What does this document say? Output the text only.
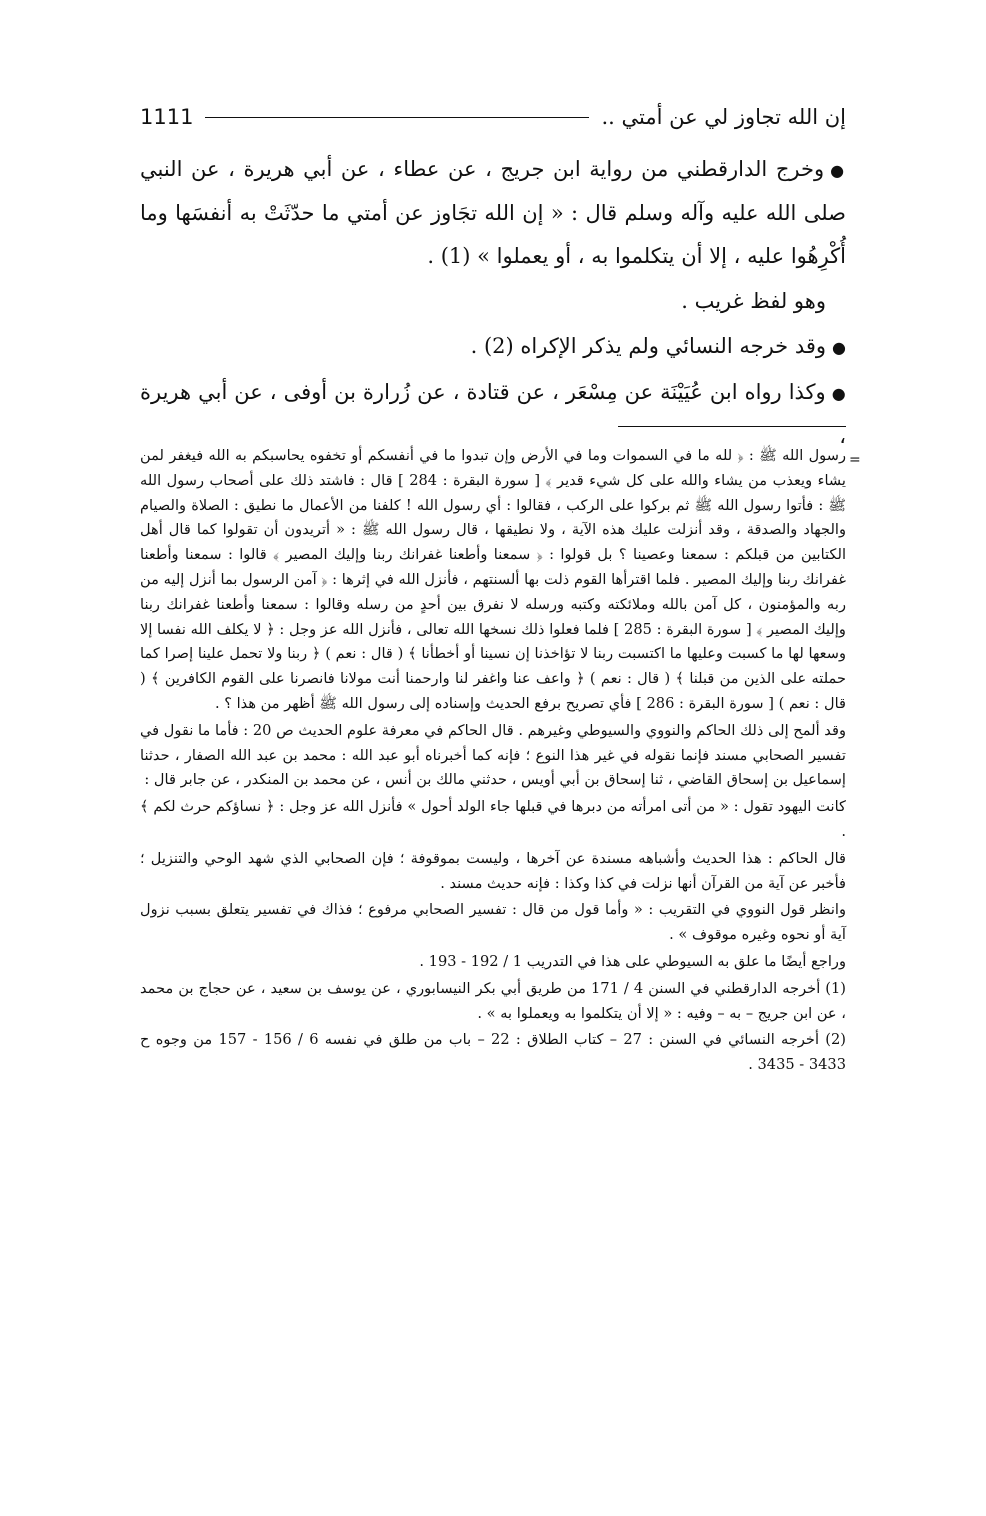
1111	إن الله تجاوز لي عن أمتي ..

●وخرج الدارقطني من رواية ابن جريج ، عن عطاء ، عن أبي هريرة ، عن النبي صلى الله عليه وآله وسلم قال : « إن الله تجَاوز عن أمتي ما حدّثَتْ به أنفسَها وما أُكْرِهُوا عليه ، إلا أن يتكلموا به ، أو يعملوا » (1) .

وهو لفظ غريب .

●وقد خرجه النسائي ولم يذكر الإكراه (2) .

●وكذا رواه ابن عُيَيْنَة عن مِسْعَر ، عن قتادة ، عن زُرارة بن أوفى ، عن أبي هريرة ،

=

رسول الله ﷺ : ﴿ لله ما في السموات وما في الأرض وإن تبدوا ما في أنفسكم أو تخفوه يحاسبكم به الله فيغفر لمن يشاء ويعذب من يشاء والله على كل شيء قدير ﴾ [ سورة البقرة : 284 ] قال : فاشتد ذلك على أصحاب رسول الله ﷺ : فأتوا رسول الله ﷺ ثم بركوا على الركب ، فقالوا : أي رسول الله ! كلفنا من الأعمال ما نطيق : الصلاة والصيام والجهاد والصدقة ، وقد أنزلت عليك هذه الآية ، ولا نطيقها ، قال رسول الله ﷺ : « أتريدون أن تقولوا كما قال أهل الكتابين من قبلكم : سمعنا وعصينا ؟ بل قولوا : ﴿ سمعنا وأطعنا غفرانك ربنا وإليك المصير ﴾ قالوا : سمعنا وأطعنا غفرانك ربنا وإليك المصير . فلما اقترأها القوم ذلت بها ألسنتهم ، فأنزل الله في إثرها : ﴿ آمن الرسول بما أنزل إليه من ربه والمؤمنون ، كل آمن بالله وملائكته وكتبه ورسله لا نفرق بين أحدٍ من رسله وقالوا : سمعنا وأطعنا غفرانك ربنا وإليك المصير ﴾ [ سورة البقرة : 285 ] فلما فعلوا ذلك نسخها الله تعالى ، فأنزل الله عز وجل : ﴿ لا يكلف الله نفسا إلا وسعها لها ما كسبت وعليها ما اكتسبت ربنا لا تؤاخذنا إن نسينا أو أخطأنا ﴾ ( قال : نعم ) ﴿ ربنا ولا تحمل علينا إصرا كما حملته على الذين من قبلنا ﴾ ( قال : نعم ) ﴿ واعف عنا واغفر لنا وارحمنا أنت مولانا فانصرنا على القوم الكافرين ﴾ ( قال : نعم ) [ سورة البقرة : 286 ] فأي تصريح برفع الحديث وإسناده إلى رسول الله ﷺ أظهر من هذا ؟ .

وقد ألمح إلى ذلك الحاكم والنووي والسيوطي وغيرهم . قال الحاكم في معرفة علوم الحديث ص 20 : فأما ما نقول في تفسير الصحابي مسند فإنما نقوله في غير هذا النوع ؛ فإنه كما أخبرناه أبو عبد الله : محمد بن عبد الله الصفار ، حدثنا إسماعيل بن إسحاق القاضي ، ثنا إسحاق بن أبي أويس ، حدثني مالك بن أنس ، عن محمد بن المنكدر ، عن جابر قال :

كانت اليهود تقول : « من أتى امرأته من دبرها في قبلها جاء الولد أحول » فأنزل الله عز وجل : ﴿ نساؤكم حرث لكم ﴾ .

قال الحاكم : هذا الحديث وأشباهه مسندة عن آخرها ، وليست بموقوفة ؛ فإن الصحابي الذي شهد الوحي والتنزيل ؛ فأخبر عن آية من القرآن أنها نزلت في كذا وكذا : فإنه حديث مسند .

وانظر قول النووي في التقريب : « وأما قول من قال : تفسير الصحابي مرفوع ؛ فذاك في تفسير يتعلق بسبب نزول آية أو نحوه وغيره موقوف » .

وراجع أيضًا ما علق به السيوطي على هذا في التدريب 1 / 192 - 193 .

(1) أخرجه الدارقطني في السنن 4 / 171 من طريق أبي بكر النيسابوري ، عن يوسف بن سعيد ، عن حجاج بن محمد ، عن ابن جريج – به – وفيه : « إلا أن يتكلموا به ويعملوا به » .

(2) أخرجه النسائي في السنن : 27 – كتاب الطلاق : 22 – باب من طلق في نفسه 6 / 156 - 157 من وجوه ح 3433 - 3435 .
